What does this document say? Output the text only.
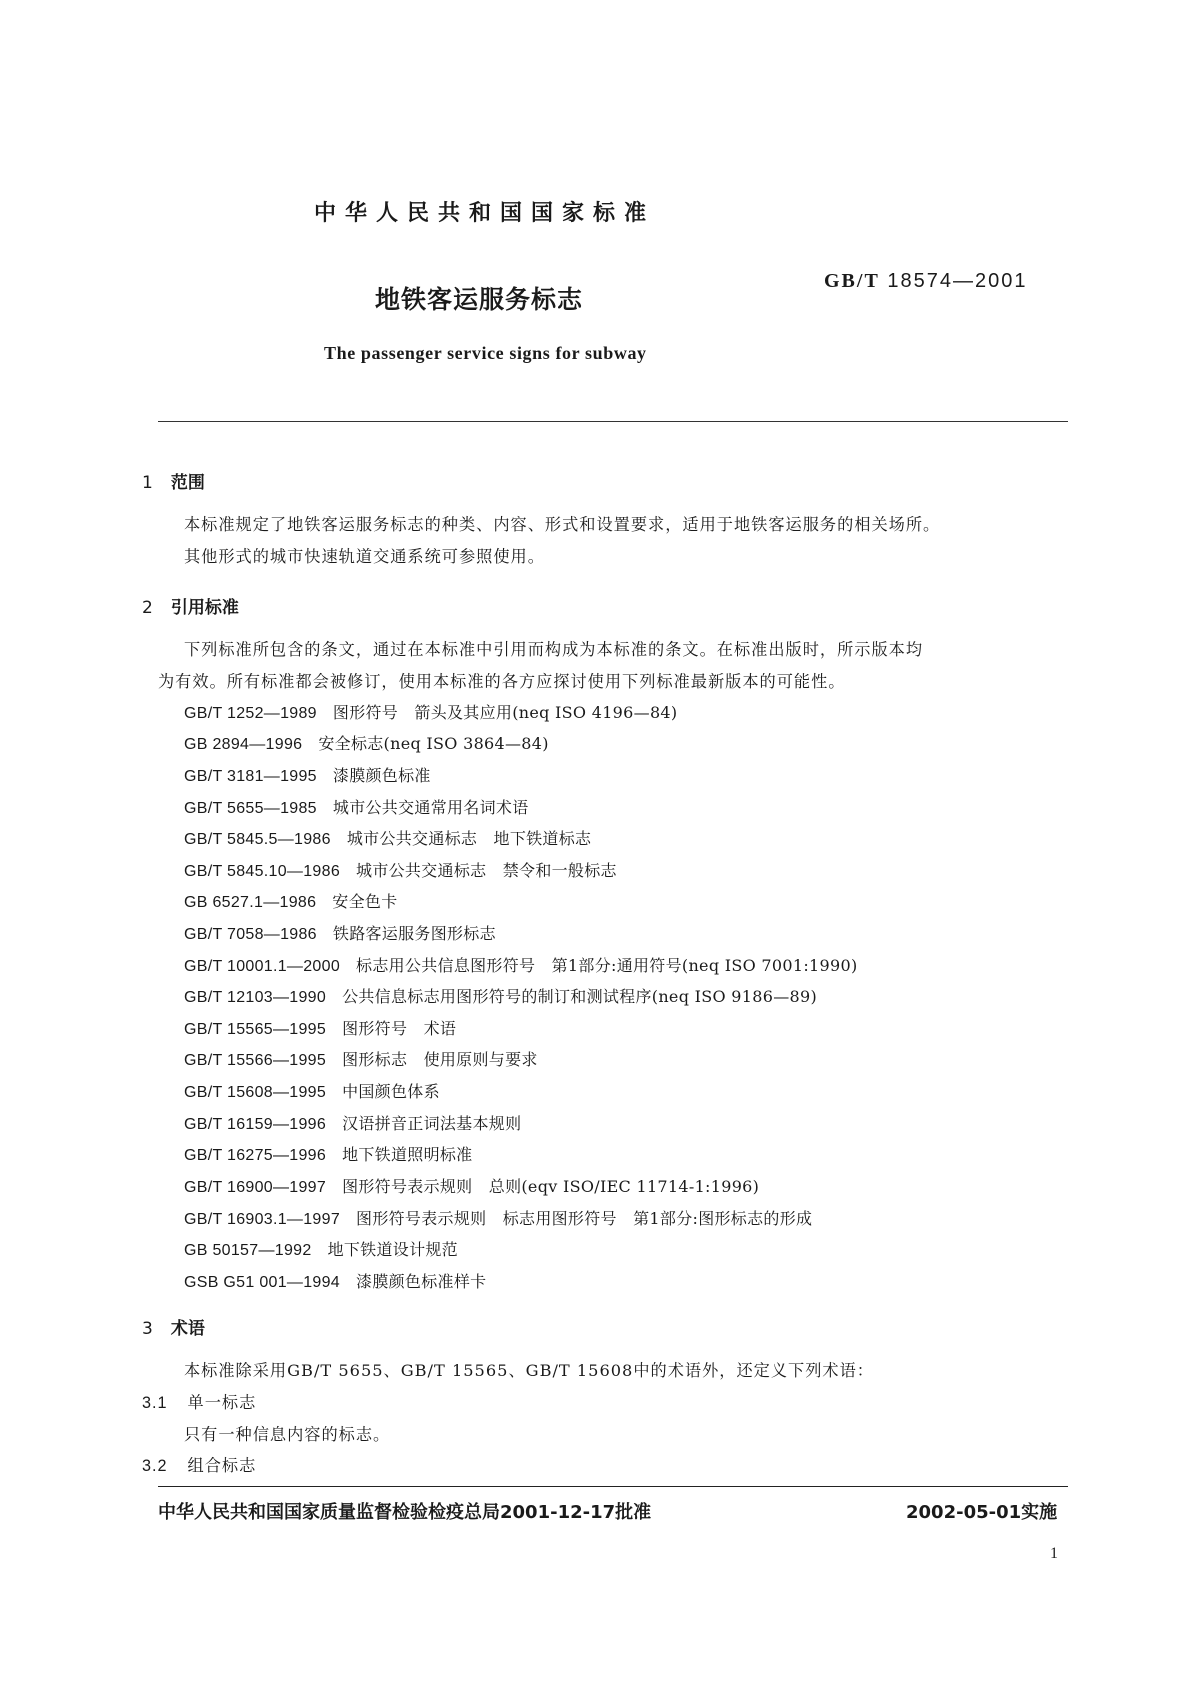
中华人民共和国国家标准
GB/T 18574—2001
地铁客运服务标志
The passenger service signs for subway
1 范围
本标准规定了地铁客运服务标志的种类、内容、形式和设置要求，适用于地铁客运服务的相关场所。
其他形式的城市快速轨道交通系统可参照使用。
2 引用标准
下列标准所包含的条文，通过在本标准中引用而构成为本标准的条文。在标准出版时，所示版本均
为有效。所有标准都会被修订，使用本标准的各方应探讨使用下列标准最新版本的可能性。
GB/T 1252—1989 图形符号　箭头及其应用(neq ISO 4196—84)
GB 2894—1996 安全标志(neq ISO 3864—84)
GB/T 3181—1995 漆膜颜色标准
GB/T 5655—1985 城市公共交通常用名词术语
GB/T 5845.5—1986 城市公共交通标志　地下铁道标志
GB/T 5845.10—1986 城市公共交通标志　禁令和一般标志
GB 6527.1—1986 安全色卡
GB/T 7058—1986 铁路客运服务图形标志
GB/T 10001.1—2000 标志用公共信息图形符号　第1部分:通用符号(neq ISO 7001:1990)
GB/T 12103—1990 公共信息标志用图形符号的制订和测试程序(neq ISO 9186—89)
GB/T 15565—1995 图形符号　术语
GB/T 15566—1995 图形标志　使用原则与要求
GB/T 15608—1995 中国颜色体系
GB/T 16159—1996 汉语拼音正词法基本规则
GB/T 16275—1996 地下铁道照明标准
GB/T 16900—1997 图形符号表示规则　总则(eqv ISO/IEC 11714-1:1996)
GB/T 16903.1—1997 图形符号表示规则　标志用图形符号　第1部分:图形标志的形成
GB 50157—1992 地下铁道设计规范
GSB G51 001—1994 漆膜颜色标准样卡
3 术语
本标准除采用GB/T 5655、GB/T 15565、GB/T 15608中的术语外，还定义下列术语：
3.1 单一标志
只有一种信息内容的标志。
3.2 组合标志
中华人民共和国国家质量监督检验检疫总局2001-12-17批准	2002-05-01实施
1
